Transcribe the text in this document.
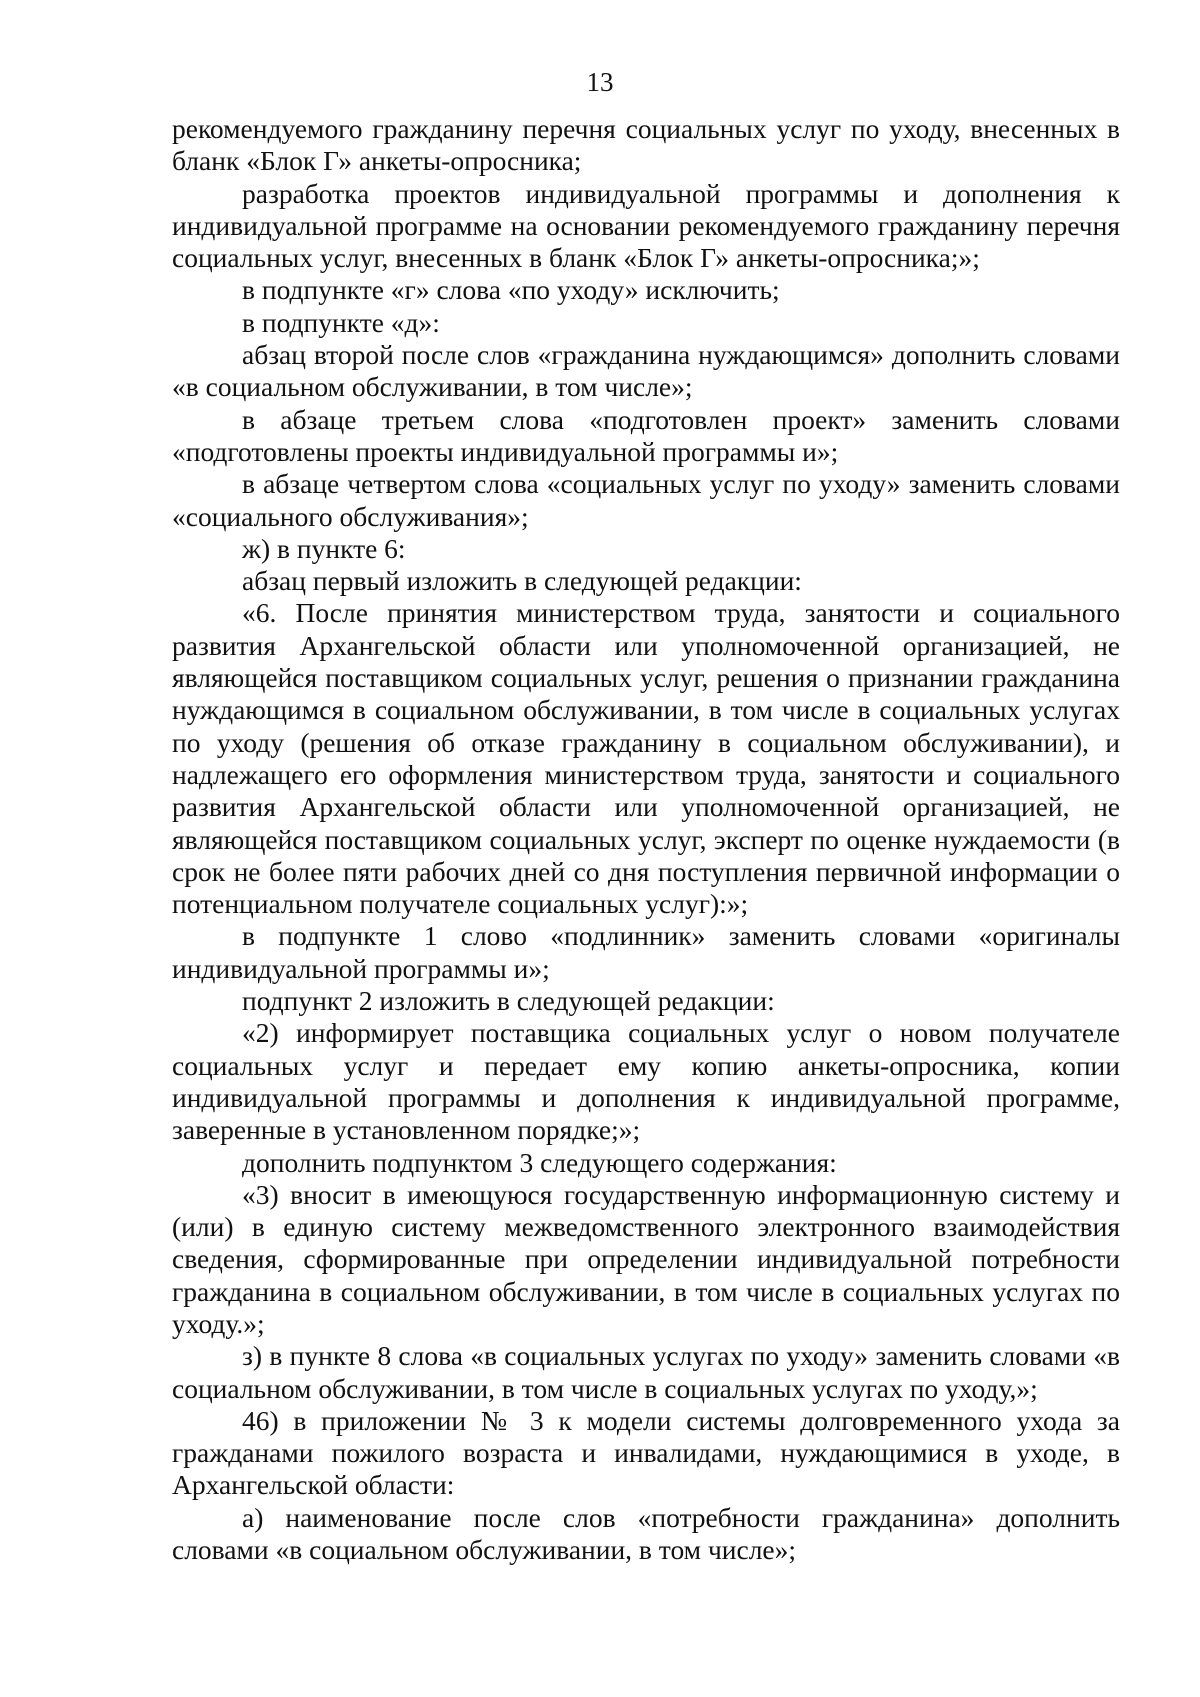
13

рекомендуемого гражданину перечня социальных услуг по уходу, внесенных в бланк «Блок Г» анкеты-опросника;

разработка проектов индивидуальной программы и дополнения к индивидуальной программе на основании рекомендуемого гражданину перечня социальных услуг, внесенных в бланк «Блок Г» анкеты-опросника;»;

в подпункте «г» слова «по уходу» исключить;

в подпункте «д»:

абзац второй после слов «гражданина нуждающимся» дополнить словами «в социальном обслуживании, в том числе»;

в абзаце третьем слова «подготовлен проект» заменить словами «подготовлены проекты индивидуальной программы и»;

в абзаце четвертом слова «социальных услуг по уходу» заменить словами «социального обслуживания»;

ж) в пункте 6:

абзац первый изложить в следующей редакции:

«6. После принятия министерством труда, занятости и социального развития Архангельской области или уполномоченной организацией, не являющейся поставщиком социальных услуг, решения о признании гражданина нуждающимся в социальном обслуживании, в том числе в социальных услугах по уходу (решения об отказе гражданину в социальном обслуживании), и надлежащего его оформления министерством труда, занятости и социального развития Архангельской области или уполномоченной организацией, не являющейся поставщиком социальных услуг, эксперт по оценке нуждаемости (в срок не более пяти рабочих дней со дня поступления первичной информации о потенциальном получателе социальных услуг):»;

в подпункте 1 слово «подлинник» заменить словами «оригиналы индивидуальной программы и»;

подпункт 2 изложить в следующей редакции:

«2) информирует поставщика социальных услуг о новом получателе социальных услуг и передает ему копию анкеты-опросника, копии индивидуальной программы и дополнения к индивидуальной программе, заверенные в установленном порядке;»;

дополнить подпунктом 3 следующего содержания:

«3) вносит в имеющуюся государственную информационную систему и (или) в единую систему межведомственного электронного взаимодействия сведения, сформированные при определении индивидуальной потребности гражданина в социальном обслуживании, в том числе в социальных услугах по уходу.»;

з) в пункте 8 слова «в социальных услугах по уходу» заменить словами «в социальном обслуживании, в том числе в социальных услугах по уходу,»;

46) в приложении № 3 к модели системы долговременного ухода за гражданами пожилого возраста и инвалидами, нуждающимися в уходе, в Архангельской области:

а) наименование после слов «потребности гражданина» дополнить словами «в социальном обслуживании, в том числе»;
